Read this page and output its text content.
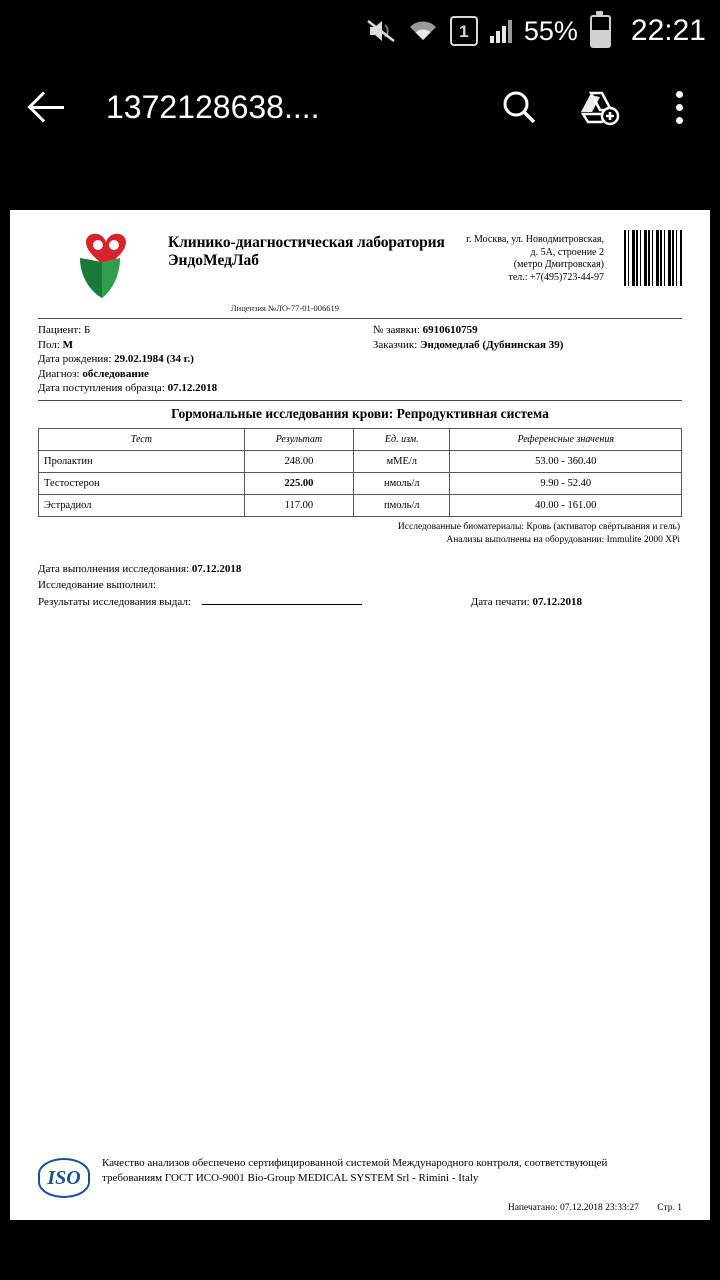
1	55% 22:21
1372128638....
Клинико-диагностическая лаборатория
ЭндоМедЛаб
г. Москва, ул. Новодмитровская,
д. 5А, строение 2
(метро Дмитровская)
тел.: +7(495)723-44-97
Лицензия №ЛО-77-01-006619
Пациент: Б
Пол: М
Дата рождения: 29.02.1984 (34 г.)
Диагноз: обследование
Дата поступления образца: 07.12.2018
№ заявки: 6910610759
Заказчик: Эндомедлаб (Дубнинская 39)
Гормональные исследования крови: Репродуктивная система
Тест	Результат	Ед. изм.	Референсные значения
Пролактин	248.00	мМЕ/л	53.00 - 360.40
Тестостерон	225.00	нмоль/л	9.90 - 52.40
Эстрадиол	117.00	пмоль/л	40.00 - 161.00
Исследованные биоматериалы: Кровь (активатор свёртывания и гель)
Анализы выполнены на оборудовании: Immulite 2000 XPi
Дата выполнения исследования: 07.12.2018
Исследование выполнил:
Результаты исследования выдал:	Дата печати: 07.12.2018
ISO
Качество анализов обеспечено сертифицированной системой Международного контроля, соответствующей
требованиям ГОСТ ИСО-9001 Bio-Group MEDICAL SYSTEM Srl - Rimini - Italy
Напечатано: 07.12.2018 23:33:27 Стр. 1
